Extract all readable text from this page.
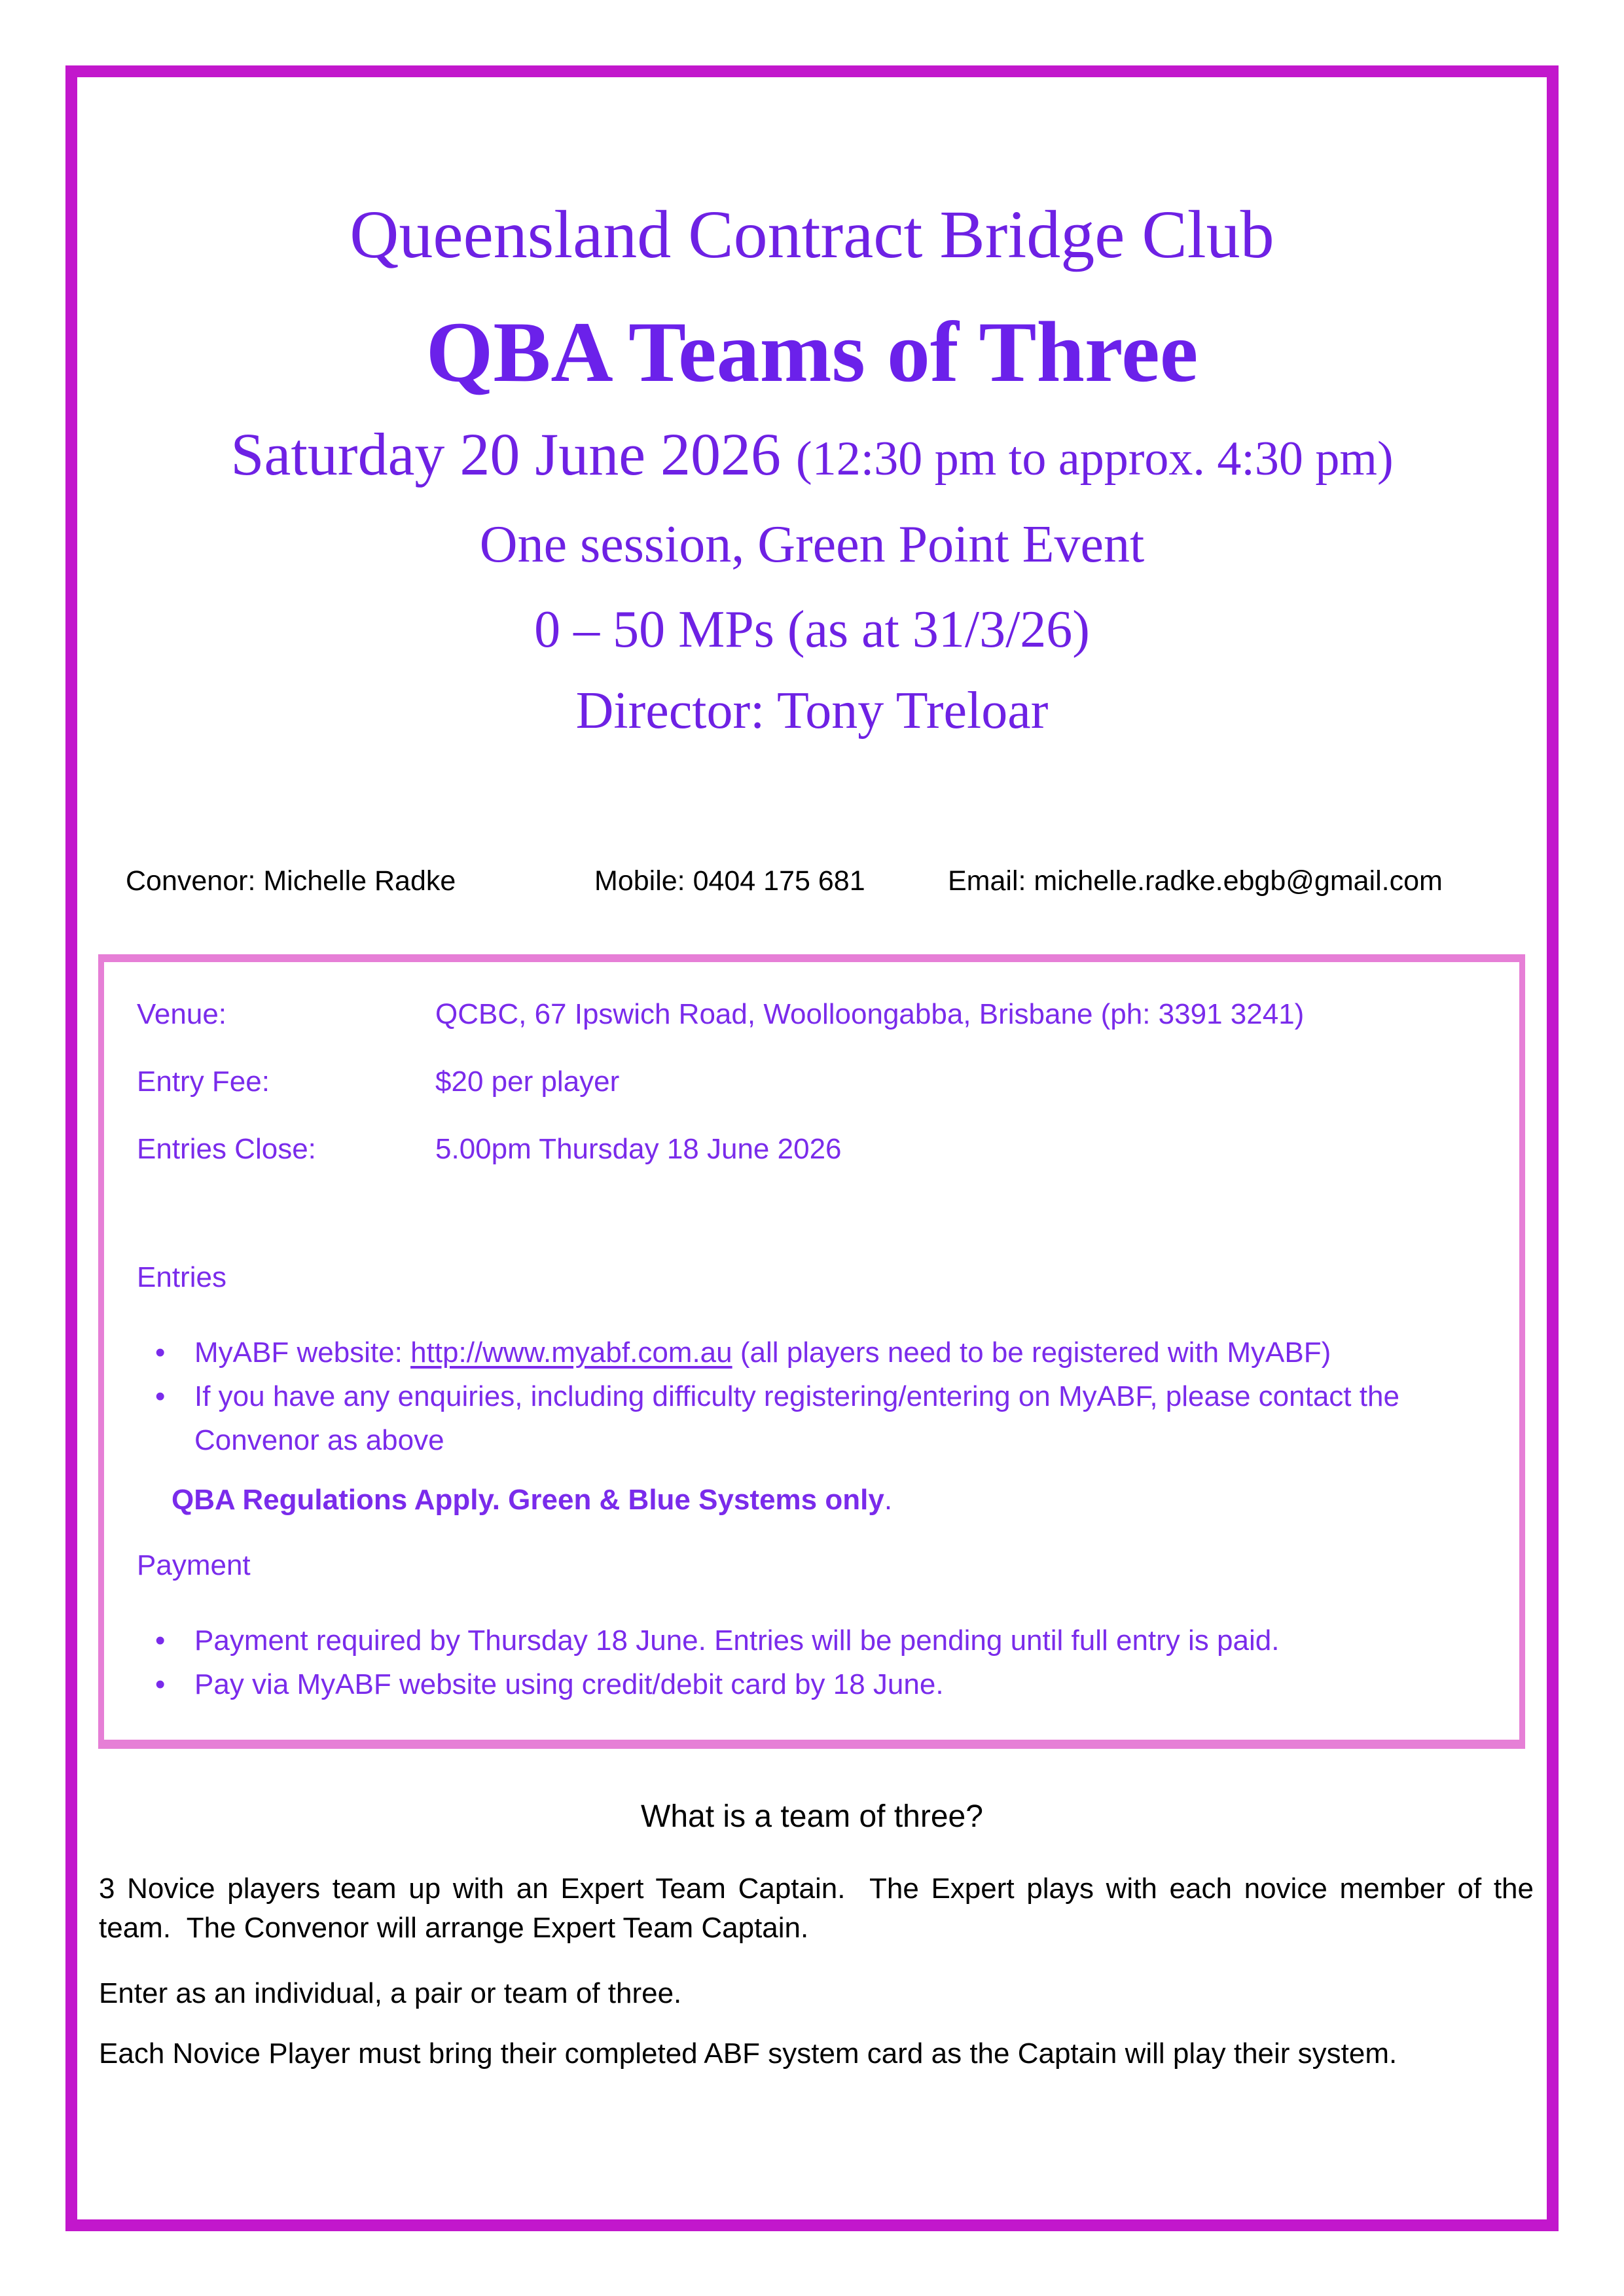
Queensland Contract Bridge Club
QBA Teams of Three
Saturday 20 June 2026 (12:30 pm to approx. 4:30 pm)
One session, Green Point Event
0 – 50 MPs (as at 31/3/26)
Director: Tony Treloar
Convenor: Michelle Radke	Mobile: 0404 175 681	Email: michelle.radke.ebgb@gmail.com
Venue:	QCBC, 67 Ipswich Road, Woolloongabba, Brisbane (ph: 3391 3241)
Entry Fee:	$20 per player
Entries Close:	5.00pm Thursday 18 June 2026
Entries
• MyABF website: http://www.myabf.com.au (all players need to be registered with MyABF)
• If you have any enquiries, including difficulty registering/entering on MyABF, please contact the Convenor as above
QBA Regulations Apply. Green & Blue Systems only.
Payment
• Payment required by Thursday 18 June. Entries will be pending until full entry is paid.
• Pay via MyABF website using credit/debit card by 18 June.
What is a team of three?
3 Novice players team up with an Expert Team Captain.  The Expert plays with each novice member of the team.  The Convenor will arrange Expert Team Captain.
Enter as an individual, a pair or team of three.
Each Novice Player must bring their completed ABF system card as the Captain will play their system.
